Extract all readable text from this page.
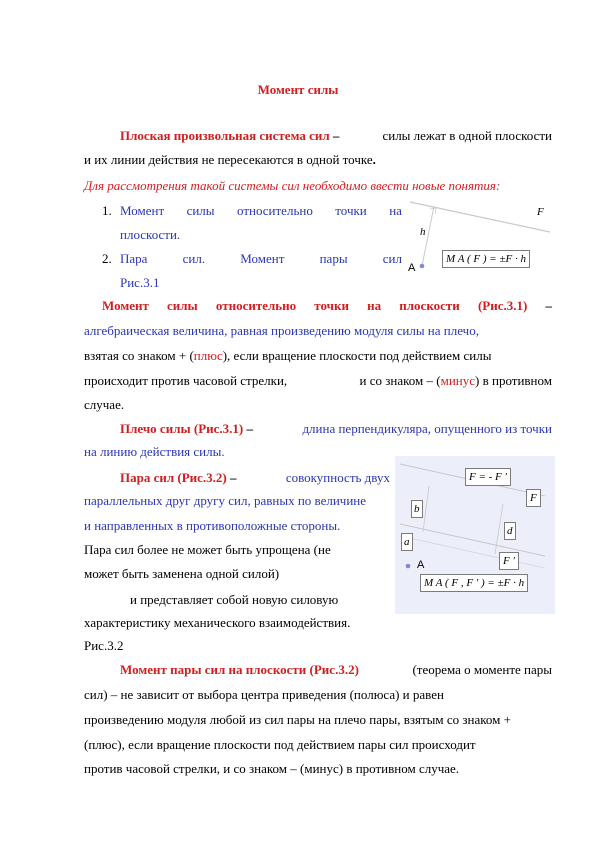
Момент силы
Плоская произвольная система сил –	силы лежат в одной плоскости
и их линии действия не пересекаются в одной точке.
Для рассмотрения такой системы сил необходимо ввести новые понятия:
1. Момент силы относительно точки на
плоскости.
2. Пара	сил.	Момент	пары	сил
Рис.3.1
F
h
A
M A ( F ) = ±F · h
Момент силы относительно точки на плоскости (Рис.3.1) –
алгебраическая величина, равная произведению модуля силы на плечо,
взятая со знаком + (плюс), если вращение плоскости под действием силы
происходит против часовой стрелки,	и со знаком – (минус) в противном
случае.
Плечо силы (Рис.3.1) –	длина перпендикуляра, опущенного из точки
на линию действия силы.
Пара сил (Рис.3.2) –	совокупность двух
параллельных друг другу сил, равных по величине
и направленных в противоположные стороны.
Пара сил более не может быть упрощена (не
может быть заменена одной силой)
и представляет собой новую силовую
характеристику механического взаимодействия.
Рис.3.2
F = - F ′
F
b
d
a
F ′
A
M A ( F , F ′ ) = ±F · h
Момент пары сил на плоскости (Рис.3.2)	(теорема о моменте пары
сил) – не зависит от выбора центра приведения (полюса) и равен
произведению модуля любой из сил пары на плечо пары, взятым со знаком +
(плюс), если вращение плоскости под действием пары сил происходит
против часовой стрелки, и со знаком – (минус) в противном случае.
